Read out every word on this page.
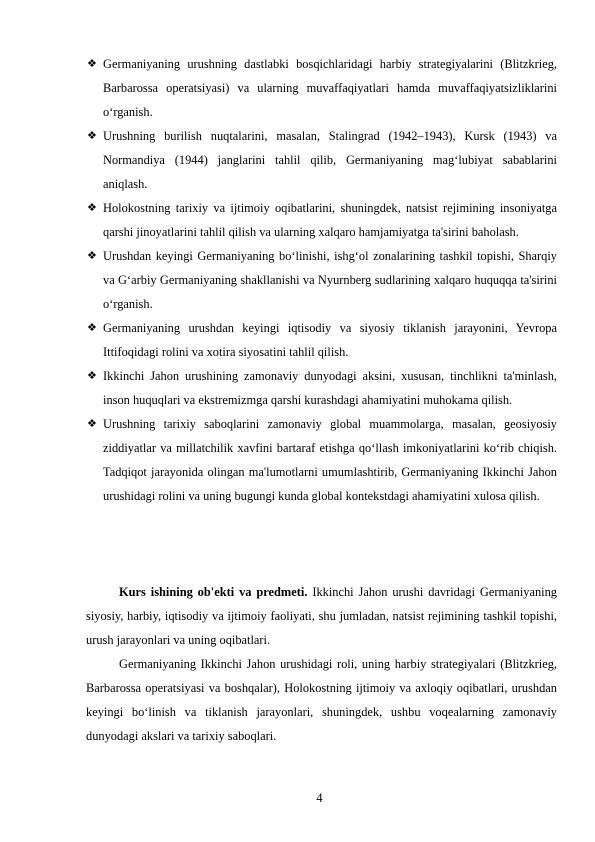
❖ Germaniyaning urushning dastlabki bosqichlaridagi harbiy strategiyalarini (Blitzkrieg, Barbarossa operatsiyasi) va ularning muvaffaqiyatlari hamda muvaffaqiyatsizliklarini o‘rganish.
❖ Urushning burilish nuqtalarini, masalan, Stalingrad (1942–1943), Kursk (1943) va Normandiya (1944) janglarini tahlil qilib, Germaniyaning mag‘lubiyat sabablarini aniqlash.
❖ Holokostning tarixiy va ijtimoiy oqibatlarini, shuningdek, natsist rejimining insoniyatga qarshi jinoyatlarini tahlil qilish va ularning xalqaro hamjamiyatga ta'sirini baholash.
❖ Urushdan keyingi Germaniyaning bo‘linishi, ishg‘ol zonalarining tashkil topishi, Sharqiy va G‘arbiy Germaniyaning shakllanishi va Nyurnberg sudlarining xalqaro huquqqa ta'sirini o‘rganish.
❖ Germaniyaning urushdan keyingi iqtisodiy va siyosiy tiklanish jarayonini, Yevropa Ittifoqidagi rolini va xotira siyosatini tahlil qilish.
❖ Ikkinchi Jahon urushining zamonaviy dunyodagi aksini, xususan, tinchlikni ta'minlash, inson huquqlari va ekstremizmga qarshi kurashdagi ahamiyatini muhokama qilish.
❖ Urushning tarixiy saboqlarini zamonaviy global muammolarga, masalan, geosiyosiy ziddiyatlar va millatchilik xavfini bartaraf etishga qo‘llash imkoniyatlarini ko‘rib chiqish. Tadqiqot jarayonida olingan ma'lumotlarni umumlashtirib, Germaniyaning Ikkinchi Jahon urushidagi rolini va uning bugungi kunda global kontekstdagi ahamiyatini xulosa qilish.

Kurs ishining ob'ekti va predmeti. Ikkinchi Jahon urushi davridagi Germaniyaning siyosiy, harbiy, iqtisodiy va ijtimoiy faoliyati, shu jumladan, natsist rejimining tashkil topishi, urush jarayonlari va uning oqibatlari.

Germaniyaning Ikkinchi Jahon urushidagi roli, uning harbiy strategiyalari (Blitzkrieg, Barbarossa operatsiyasi va boshqalar), Holokostning ijtimoiy va axloqiy oqibatlari, urushdan keyingi bo‘linish va tiklanish jarayonlari, shuningdek, ushbu voqealarning zamonaviy dunyodagi akslari va tarixiy saboqlari.

4
